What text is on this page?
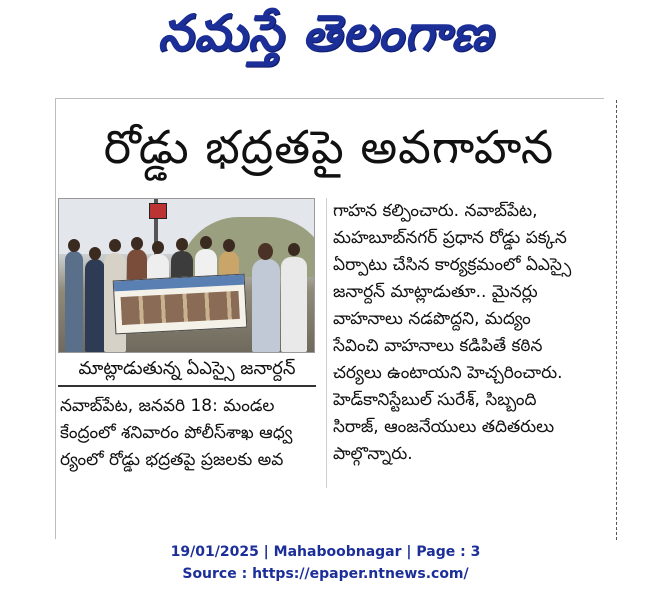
నమస్తే తెలంగాణ
రోడ్డు భద్రతపై అవగాహన
మాట్లాడుతున్న ఏఎస్సై జనార్దన్

నవాబ్‌పేట, జనవరి 18: మండల

కేంద్రంలో శనివారం పోలీస్‌శాఖ ఆధ్వ

ర్యంలో రోడ్డు భద్రతపై ప్రజలకు అవ

గాహన కల్పించారు. నవాబ్‌పేట,

మహబూబ్‌నగర్ ప్రధాన రోడ్డు పక్కన

ఏర్పాటు చేసిన కార్యక్రమంలో ఏఎస్సై

జనార్దన్ మాట్లాడుతూ.. మైనర్లు

వాహనాలు నడపొద్దని, మద్యం

సేవించి వాహనాలు కడిపితే కఠిన

చర్యలు ఉంటాయని హెచ్చరించారు.

హెడ్‌కానిస్టేబుల్ సురేశ్, సిబ్బంది

సిరాజ్, ఆంజనేయులు తదితరులు

పాల్గొన్నారు.

19/01/2025 | Mahaboobnagar | Page : 3
Source : https://epaper.ntnews.com/
